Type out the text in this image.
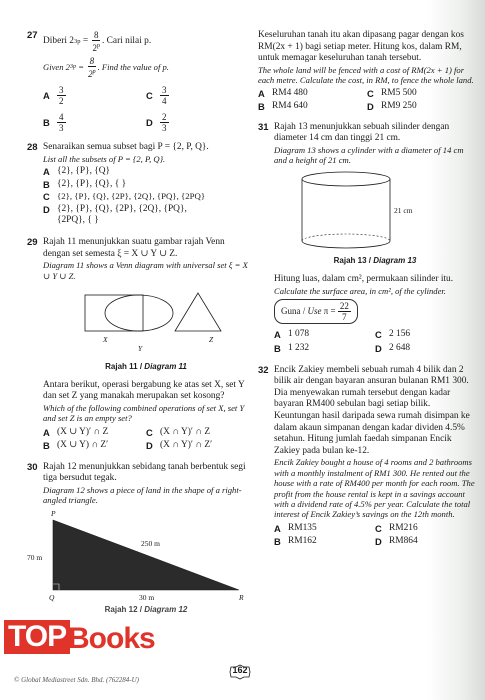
27 Diberi 2 $3p = \frac{8}{2^p}$ . Cari nilai p.
Given 2 $3p = \frac{8}{2^p}$ . Find the value of p.
A $\frac{3}{2}$	C $\frac{3}{4}$
B $\frac{4}{3}$	D $\frac{2}{3}$
28 Senaraikan semua subset bagi P = {2, P, Q}.
List all the subsets of P = {2, P, Q}.
A {2}, {P}, {Q}
B {2}, {P}, {Q}, { }
C {2}, {P}, {Q}, {2P}, {2Q}, {PQ}, {2PQ}
D {2}, {P}, {Q}, {2P}, {2Q}, {PQ}, {2PQ}, { }
29 Rajah 11 menunjukkan suatu gambar rajah Venn dengan set semesta ξ = X ∪ Y ∪ Z.
Diagram 11 shows a Venn diagram with universal set ξ = X ∪ Y ∪ Z.
X
Y
Z
Rajah 11 / Diagram 11
Antara berikut, operasi bergabung ke atas set X, set Y dan set Z yang manakah merupakan set kosong?
Which of the following combined operations of set X, set Y and set Z is an empty set?
A (X ∪ Y)′ ∩ Z	C (X ∩ Y)′ ∩ Z
B (X ∪ Y) ∩ Z′	D (X ∩ Y)′ ∩ Z′
30 Rajah 12 menunjukkan sebidang tanah berbentuk segi tiga bersudut tegak.
Diagram 12 shows a piece of land in the shape of a right-angled triangle.
P
70 m
250 m
Q	30 m	R
Rajah 12 / Diagram 12
Keseluruhan tanah itu akan dipasang pagar dengan kos RM(2x + 1) bagi setiap meter. Hitung kos, dalam RM, untuk memagar keseluruhan tanah tersebut.
The whole land will be fenced with a cost of RM(2x + 1) for each metre. Calculate the cost, in RM, to fence the whole land.
A RM4 480	C RM5 500
B RM4 640	D RM9 250
31 Rajah 13 menunjukkan sebuah silinder dengan diameter 14 cm dan tinggi 21 cm.
Diagram 13 shows a cylinder with a diameter of 14 cm and a height of 21 cm.
21 cm
Rajah 13 / Diagram 13
Hitung luas, dalam cm², permukaan silinder itu.
Calculate the surface area, in cm², of the cylinder.
Guna / Use $\pi = \frac{22}{7}$
A 1 078	C 2 156
B 1 232	D 2 648
32 Encik Zakiey membeli sebuah rumah 4 bilik dan 2 bilik air dengan bayaran ansuran bulanan RM1 300. Dia menyewakan rumah tersebut dengan kadar bayaran RM400 sebulan bagi setiap bilik. Keuntungan hasil daripada sewa rumah disimpan ke dalam akaun simpanan dengan kadar dividen 4.5% setahun. Hitung jumlah faedah simpanan Encik Zakiey pada bulan ke-12.
Encik Zakiey bought a house of 4 rooms and 2 bathrooms with a monthly instalment of RM1 300. He rented out the house with a rate of RM400 per month for each room. The profit from the house rental is kept in a savings account with a dividend rate of 4.5% per year. Calculate the total interest of Encik Zakiey’s savings on the 12th month.
A RM135	C RM216
B RM162	D RM864
TOP Books
© Global Mediastreet Sdn. Bhd. (762284-U)
162
